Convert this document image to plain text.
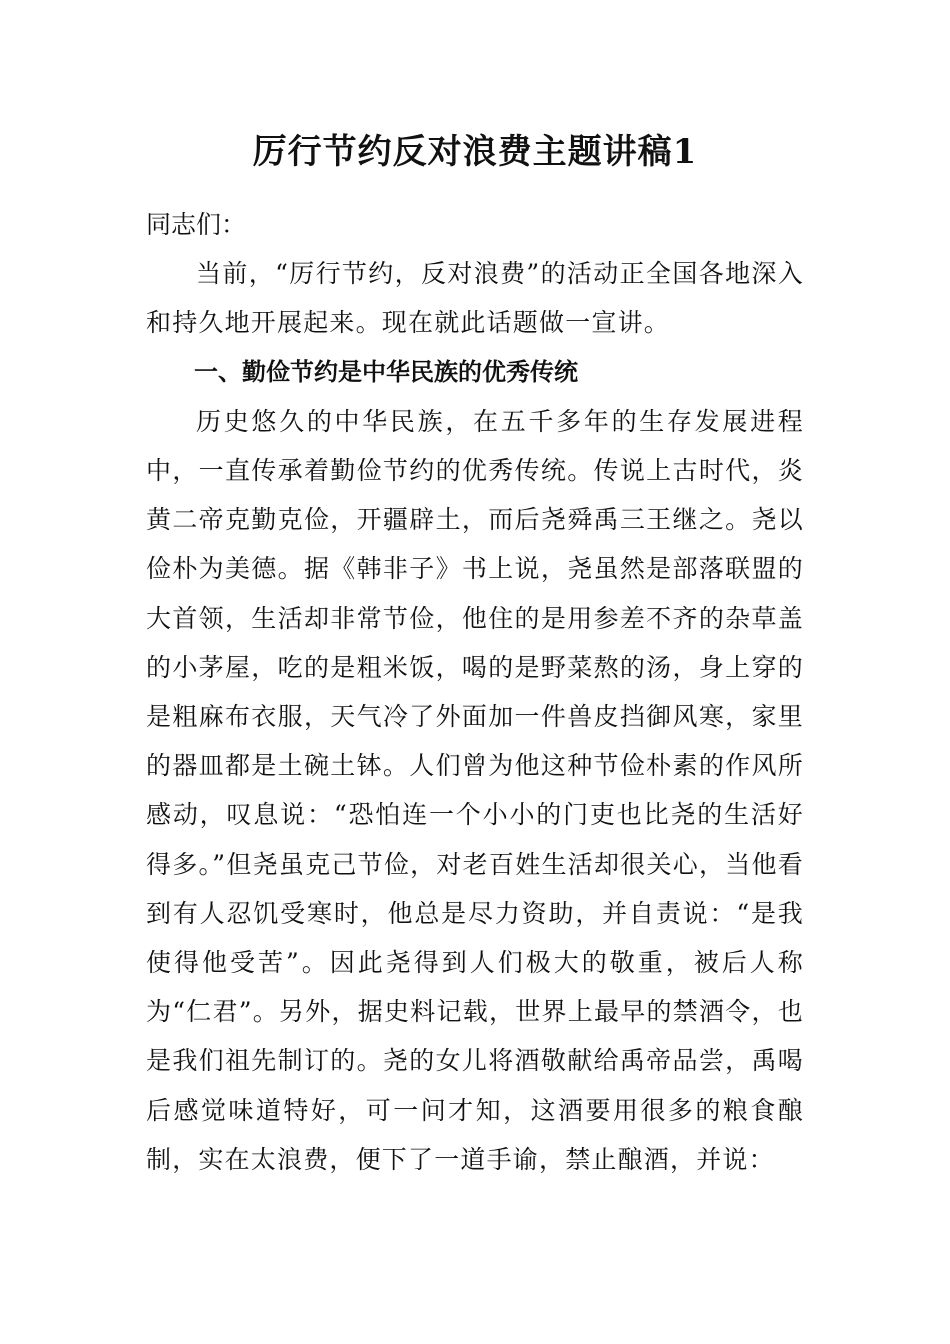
厉行节约反对浪费主题讲稿1

同志们：

当前，“厉行节约，反对浪费”的活动正全国各地深入和持久地开展起来。现在就此话题做一宣讲。

一、勤俭节约是中华民族的优秀传统

历史悠久的中华民族，在五千多年的生存发展进程中，一直传承着勤俭节约的优秀传统。传说上古时代，炎黄二帝克勤克俭，开疆辟土，而后尧舜禹三王继之。尧以俭朴为美德。据《韩非子》书上说，尧虽然是部落联盟的大首领，生活却非常节俭，他住的是用参差不齐的杂草盖的小茅屋，吃的是粗米饭，喝的是野菜熬的汤，身上穿的是粗麻布衣服，天气冷了外面加一件兽皮挡御风寒，家里的器皿都是土碗土钵。人们曾为他这种节俭朴素的作风所感动，叹息说：“恐怕连一个小小的门吏也比尧的生活好得多。”但尧虽克己节俭，对老百姓生活却很关心，当他看到有人忍饥受寒时，他总是尽力资助，并自责说：“是我使得他受苦”。因此尧得到人们极大的敬重，被后人称为“仁君”。另外，据史料记载，世界上最早的禁酒令，也是我们祖先制订的。尧的女儿将酒敬献给禹帝品尝，禹喝后感觉味道特好，可一问才知，这酒要用很多的粮食酿制，实在太浪费，便下了一道手谕，禁止酿酒，并说：
